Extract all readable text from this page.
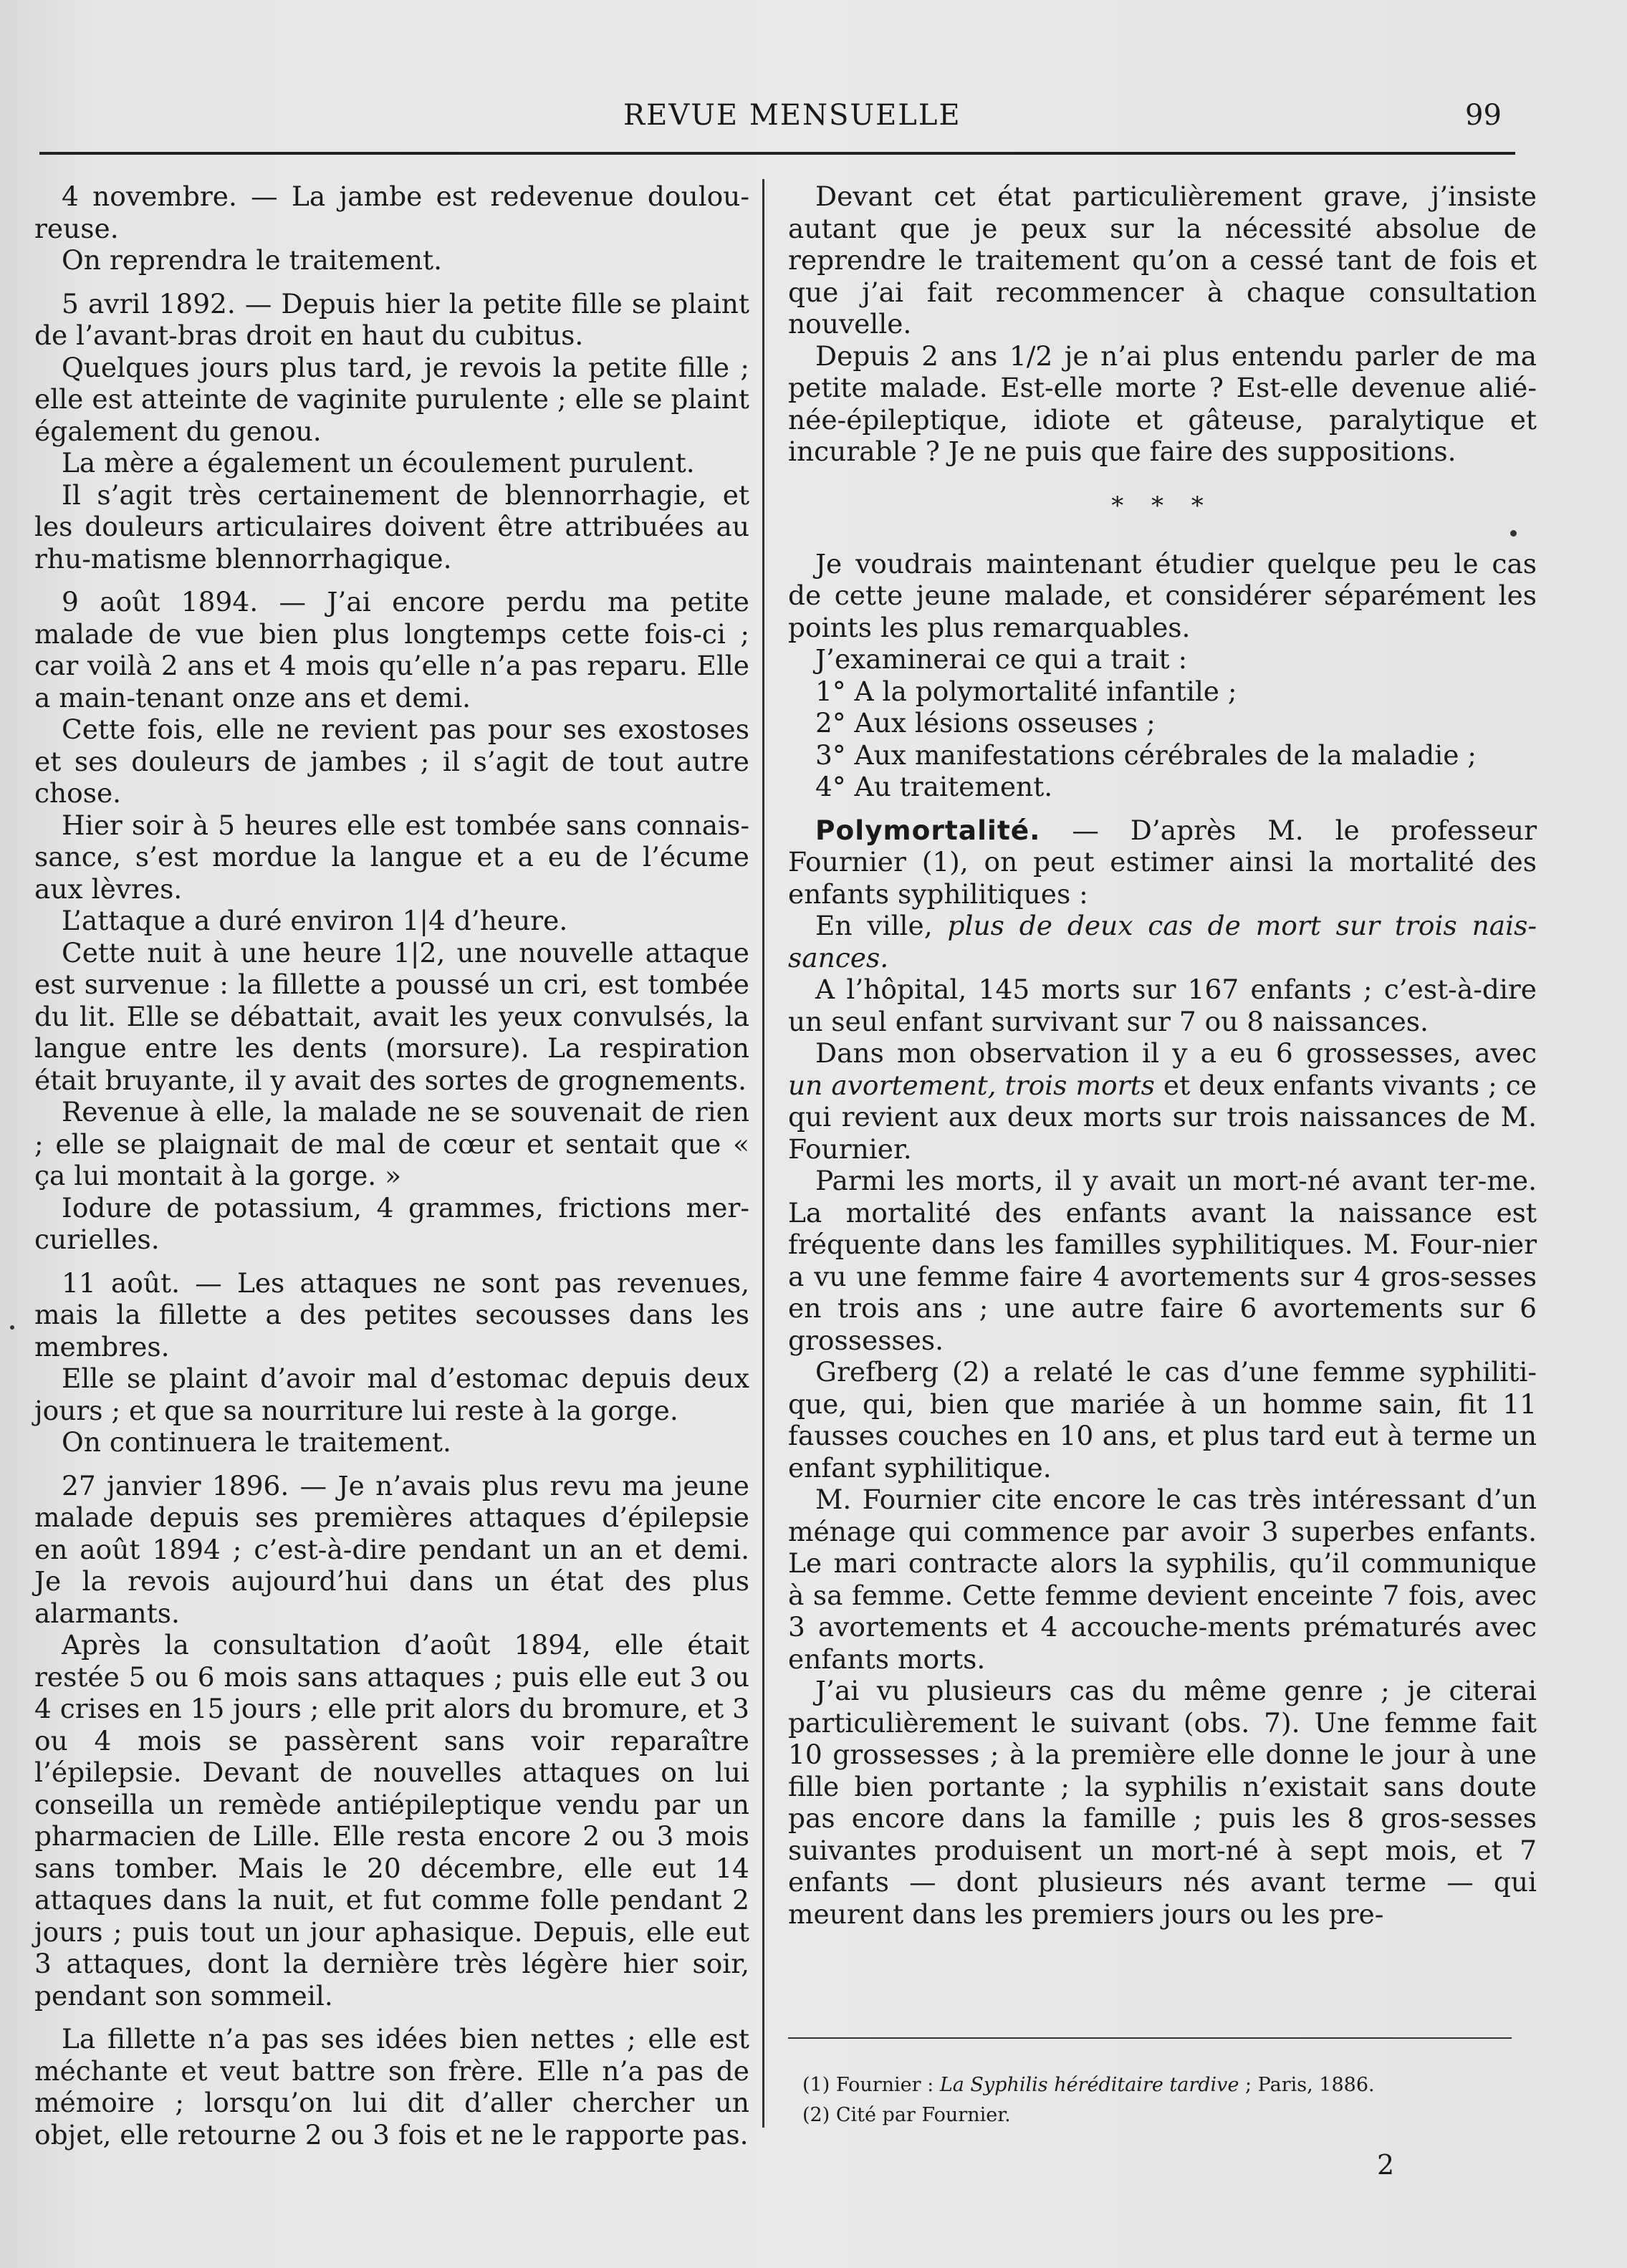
REVUE MENSUELLE	99

4 novembre. — La jambe est redevenue doulou-reuse.

On reprendra le traitement.

5 avril 1892. — Depuis hier la petite fille se plaint de l’avant-bras droit en haut du cubitus.

Quelques jours plus tard, je revois la petite fille ; elle est atteinte de vaginite purulente ; elle se plaint également du genou.

La mère a également un écoulement purulent.

Il s’agit très certainement de blennorrhagie, et les douleurs articulaires doivent être attribuées au rhu-matisme blennorrhagique.

9 août 1894. — J’ai encore perdu ma petite malade de vue bien plus longtemps cette fois-ci ; car voilà 2 ans et 4 mois qu’elle n’a pas reparu. Elle a main-tenant onze ans et demi.

Cette fois, elle ne revient pas pour ses exostoses et ses douleurs de jambes ; il s’agit de tout autre chose.

Hier soir à 5 heures elle est tombée sans connais-sance, s’est mordue la langue et a eu de l’écume aux lèvres.

L’attaque a duré environ 1|4 d’heure.

Cette nuit à une heure 1|2, une nouvelle attaque est survenue : la fillette a poussé un cri, est tombée du lit. Elle se débattait, avait les yeux convulsés, la langue entre les dents (morsure). La respiration était bruyante, il y avait des sortes de grognements.

Revenue à elle, la malade ne se souvenait de rien ; elle se plaignait de mal de cœur et sentait que « ça lui montait à la gorge. »

Iodure de potassium, 4 grammes, frictions mer-curielles.

11 août. — Les attaques ne sont pas revenues, mais la fillette a des petites secousses dans les membres.

Elle se plaint d’avoir mal d’estomac depuis deux jours ; et que sa nourriture lui reste à la gorge.

On continuera le traitement.

27 janvier 1896. — Je n’avais plus revu ma jeune malade depuis ses premières attaques d’épilepsie en août 1894 ; c’est-à-dire pendant un an et demi. Je la revois aujourd’hui dans un état des plus alarmants.

Après la consultation d’août 1894, elle était restée 5 ou 6 mois sans attaques ; puis elle eut 3 ou 4 crises en 15 jours ; elle prit alors du bromure, et 3 ou 4 mois se passèrent sans voir reparaître l’épilepsie. Devant de nouvelles attaques on lui conseilla un remède antiépileptique vendu par un pharmacien de Lille. Elle resta encore 2 ou 3 mois sans tomber. Mais le 20 décembre, elle eut 14 attaques dans la nuit, et fut comme folle pendant 2 jours ; puis tout un jour aphasique. Depuis, elle eut 3 attaques, dont la dernière très légère hier soir, pendant son sommeil.

La fillette n’a pas ses idées bien nettes ; elle est méchante et veut battre son frère. Elle n’a pas de mémoire ; lorsqu’on lui dit d’aller chercher un objet, elle retourne 2 ou 3 fois et ne le rapporte pas.

Devant cet état particulièrement grave, j’insiste autant que je peux sur la nécessité absolue de reprendre le traitement qu’on a cessé tant de fois et que j’ai fait recommencer à chaque consultation nouvelle.

Depuis 2 ans 1/2 je n’ai plus entendu parler de ma petite malade. Est-elle morte ? Est-elle devenue alié-née-épileptique, idiote et gâteuse, paralytique et incurable ? Je ne puis que faire des suppositions.

* * *

Je voudrais maintenant étudier quelque peu le cas de cette jeune malade, et considérer séparément les points les plus remarquables.

J’examinerai ce qui a trait :

1° A la polymortalité infantile ;

2° Aux lésions osseuses ;

3° Aux manifestations cérébrales de la maladie ;

4° Au traitement.

Polymortalité. — D’après M. le professeur Fournier (1), on peut estimer ainsi la mortalité des enfants syphilitiques :

En ville, plus de deux cas de mort sur trois nais-sances.

A l’hôpital, 145 morts sur 167 enfants ; c’est-à-dire un seul enfant survivant sur 7 ou 8 naissances.

Dans mon observation il y a eu 6 grossesses, avec un avortement, trois morts et deux enfants vivants ; ce qui revient aux deux morts sur trois naissances de M. Fournier.

Parmi les morts, il y avait un mort-né avant ter-me. La mortalité des enfants avant la naissance est fréquente dans les familles syphilitiques. M. Four-nier a vu une femme faire 4 avortements sur 4 gros-sesses en trois ans ; une autre faire 6 avortements sur 6 grossesses.

Grefberg (2) a relaté le cas d’une femme syphiliti-que, qui, bien que mariée à un homme sain, fit 11 fausses couches en 10 ans, et plus tard eut à terme un enfant syphilitique.

M. Fournier cite encore le cas très intéressant d’un ménage qui commence par avoir 3 superbes enfants. Le mari contracte alors la syphilis, qu’il communique à sa femme. Cette femme devient enceinte 7 fois, avec 3 avortements et 4 accouche-ments prématurés avec enfants morts.

J’ai vu plusieurs cas du même genre ; je citerai particulièrement le suivant (obs. 7). Une femme fait 10 grossesses ; à la première elle donne le jour à une fille bien portante ; la syphilis n’existait sans doute pas encore dans la famille ; puis les 8 gros-sesses suivantes produisent un mort-né à sept mois, et 7 enfants — dont plusieurs nés avant terme — qui meurent dans les premiers jours ou les pre-

(1) Fournier : La Syphilis héréditaire tardive ; Paris, 1886.
(2) Cité par Fournier.
2
